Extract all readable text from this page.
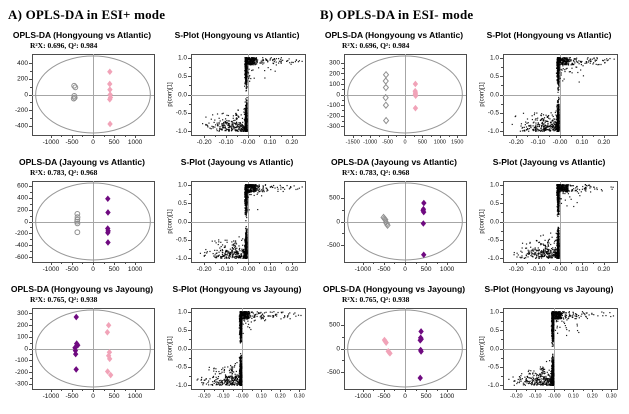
A) OPLS-DA in ESI+ mode
OPLS-DA (Hongyoung vs Atlantic)
R²X: 0.696, Q²: 0.984
S-Plot (Hongyoung vs Atlantic)
OPLS-DA (Jayoung vs Atlantic)
R²X: 0.783, Q²: 0.968
S-Plot (Jayoung vs Atlantic)
OPLS-DA (Hongyoung vs Jayoung)
R²X: 0.765, Q²: 0.938
S-Plot (Hongyoung vs Jayoung)
B) OPLS-DA in ESI- mode
OPLS-DA (Hongyoung vs Atlantic)
R²X: 0.696, Q²: 0.984
S-Plot (Hongyoung vs Atlantic)
OPLS-DA (Jayoung vs Atlantic)
R²X: 0.783, Q²: 0.968
S-Plot (Jayoung vs Atlantic)
OPLS-DA (Hongyoung vs Jayoung)
R²X: 0.765, Q²: 0.938
S-Plot (Hongyoung vs Jayoung)
